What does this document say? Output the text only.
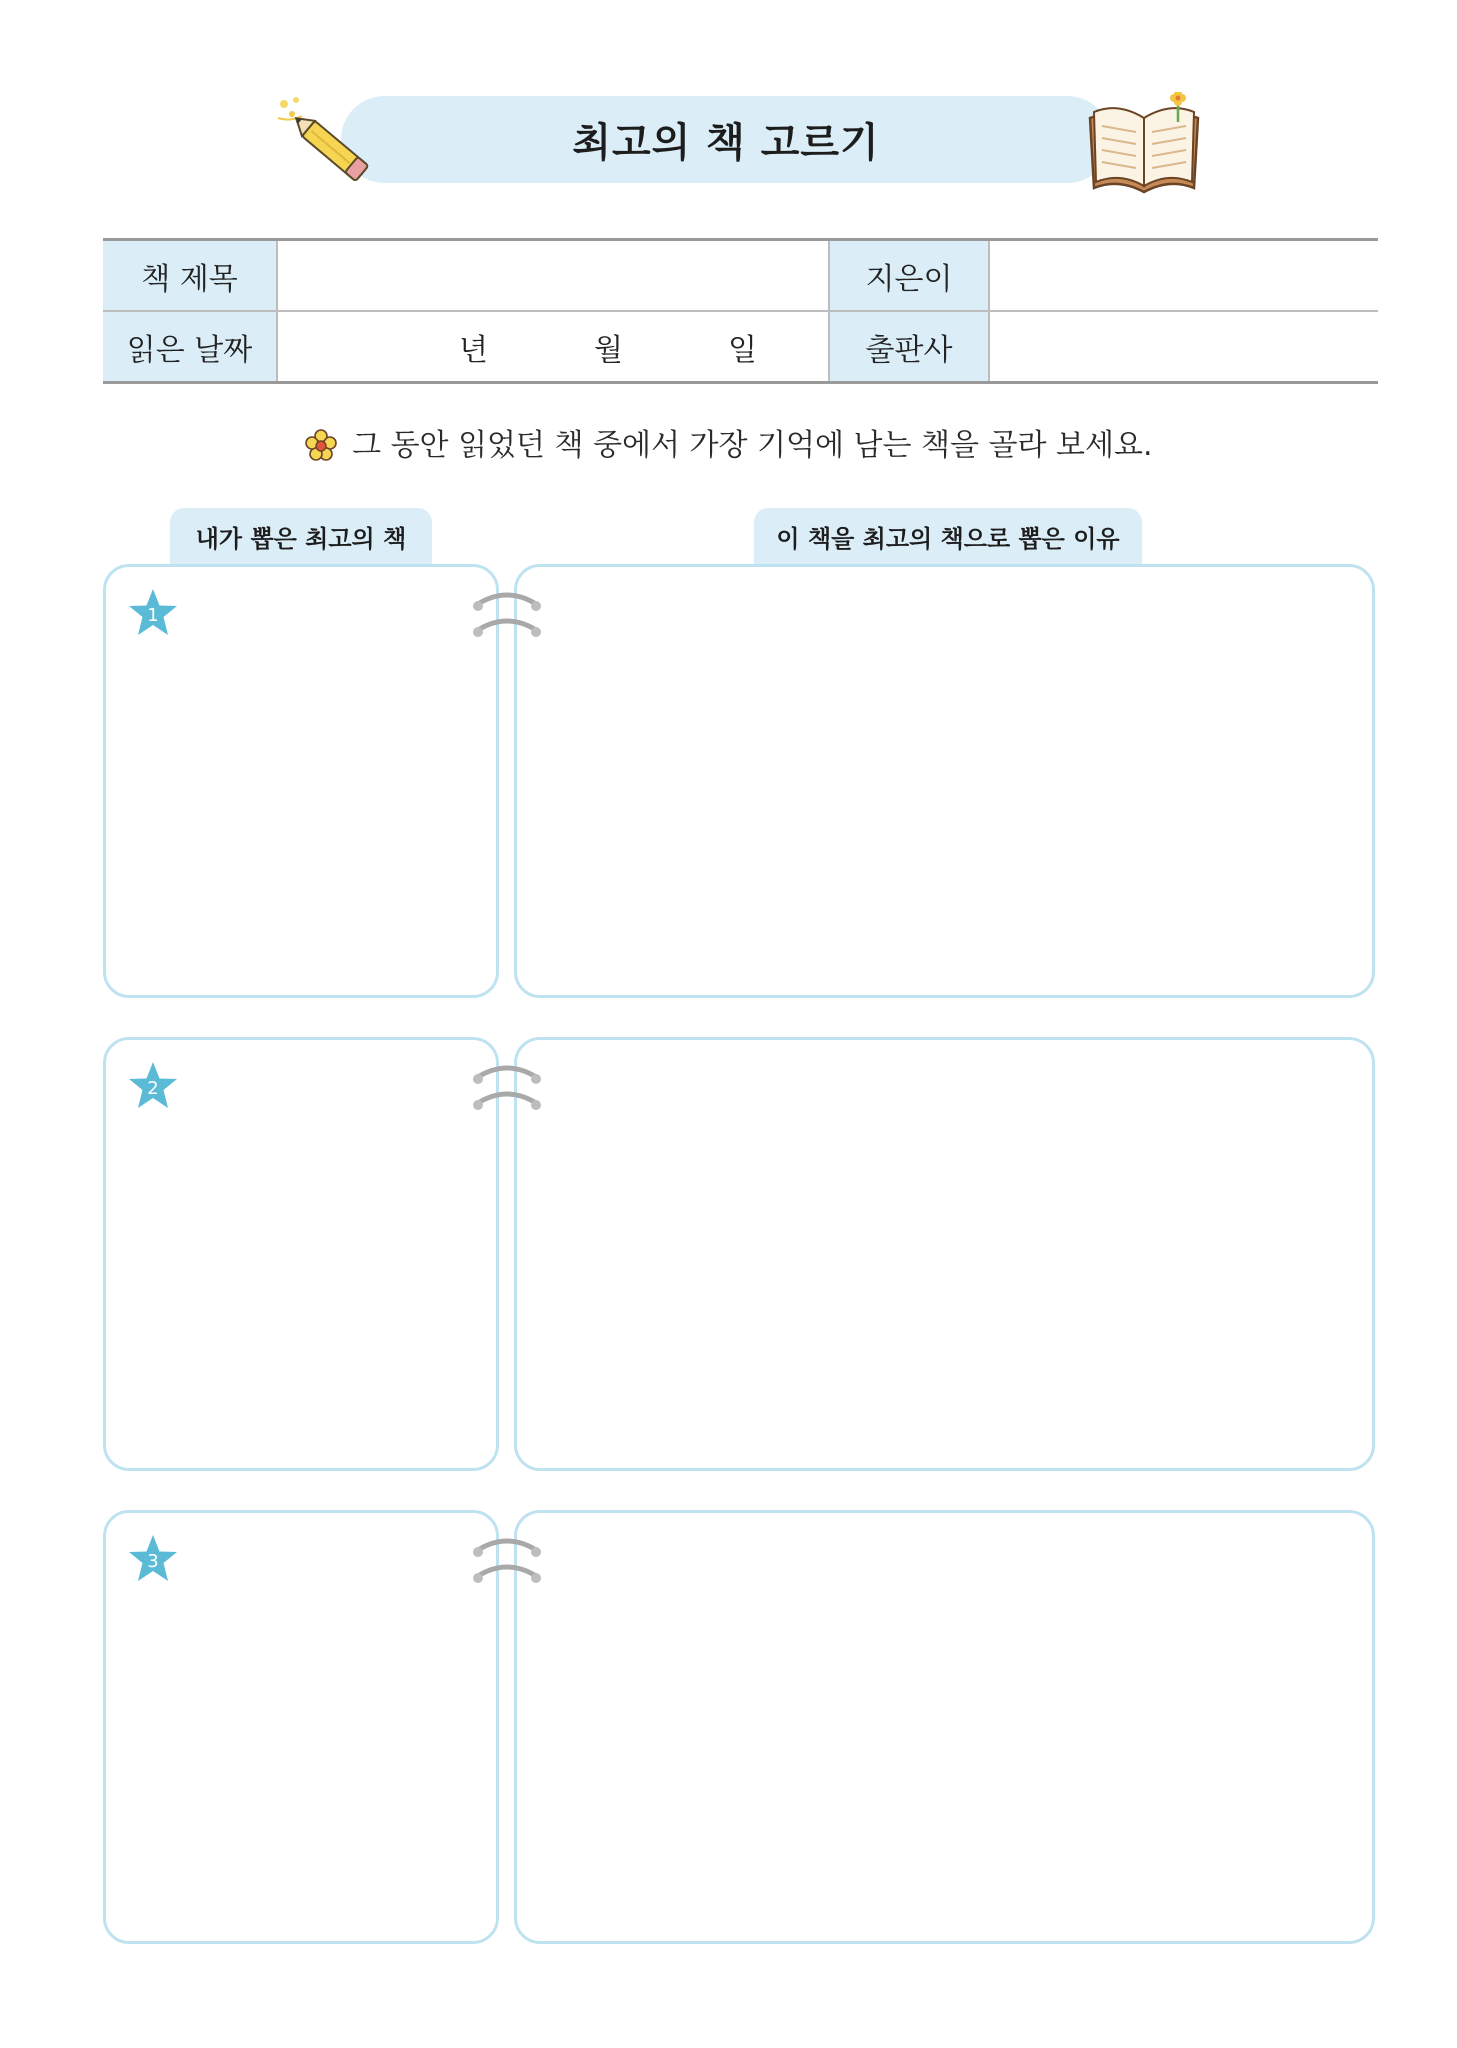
최고의 책 고르기
책 제목		지은이	
읽은 날짜	년 월 일	출판사	
그 동안 읽었던 책 중에서 가장 기억에 남는 책을 골라 보세요.
내가 뽑은 최고의 책	이 책을 최고의 책으로 뽑은 이유
1
2
3
